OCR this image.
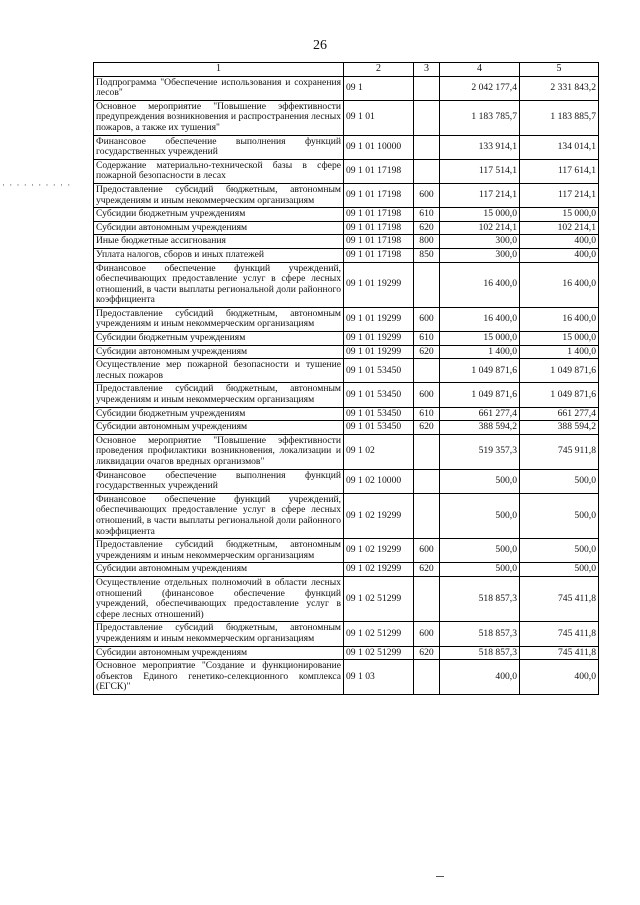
26
· · · · · · · · · ·
1	2	3	4	5
Подпрограмма "Обеспечение использования и сохранения лесов"	09 1		2 042 177,4	2 331 843,2
Основное мероприятие "Повышение эффективности предупреждения возникновения и распространения лесных пожаров, а также их тушения"	09 1 01		1 183 785,7	1 183 885,7
Финансовое обеспечение выполнения функций государственных учреждений	09 1 01 10000		133 914,1	134 014,1
Содержание материально-технической базы в сфере пожарной безопасности в лесах	09 1 01 17198		117 514,1	117 614,1
Предоставление субсидий бюджетным, автономным учреждениям и иным некоммерческим организациям	09 1 01 17198	600	117 214,1	117 214,1
Субсидии бюджетным учреждениям	09 1 01 17198	610	15 000,0	15 000,0
Субсидии автономным учреждениям	09 1 01 17198	620	102 214,1	102 214,1
Иные бюджетные ассигнования	09 1 01 17198	800	300,0	400,0
Уплата налогов, сборов и иных платежей	09 1 01 17198	850	300,0	400,0
Финансовое обеспечение функций учреждений, обеспечивающих предоставление услуг в сфере лесных отношений, в части выплаты региональной доли районного коэффициента	09 1 01 19299		16 400,0	16 400,0
Предоставление субсидий бюджетным, автономным учреждениям и иным некоммерческим организациям	09 1 01 19299	600	16 400,0	16 400,0
Субсидии бюджетным учреждениям	09 1 01 19299	610	15 000,0	15 000,0
Субсидии автономным учреждениям	09 1 01 19299	620	1 400,0	1 400,0
Осуществление мер пожарной безопасности и тушение лесных пожаров	09 1 01 53450		1 049 871,6	1 049 871,6
Предоставление субсидий бюджетным, автономным учреждениям и иным некоммерческим организациям	09 1 01 53450	600	1 049 871,6	1 049 871,6
Субсидии бюджетным учреждениям	09 1 01 53450	610	661 277,4	661 277,4
Субсидии автономным учреждениям	09 1 01 53450	620	388 594,2	388 594,2
Основное мероприятие "Повышение эффективности проведения профилактики возникновения, локализации и ликвидации очагов вредных организмов"	09 1 02		519 357,3	745 911,8
Финансовое обеспечение выполнения функций государственных учреждений	09 1 02 10000		500,0	500,0
Финансовое обеспечение функций учреждений, обеспечивающих предоставление услуг в сфере лесных отношений, в части выплаты региональной доли районного коэффициента	09 1 02 19299		500,0	500,0
Предоставление субсидий бюджетным, автономным учреждениям и иным некоммерческим организациям	09 1 02 19299	600	500,0	500,0
Субсидии автономным учреждениям	09 1 02 19299	620	500,0	500,0
Осуществление отдельных полномочий в области лесных отношений (финансовое обеспечение функций учреждений, обеспечивающих предоставление услуг в сфере лесных отношений)	09 1 02 51299		518 857,3	745 411,8
Предоставление субсидий бюджетным, автономным учреждениям и иным некоммерческим организациям	09 1 02 51299	600	518 857,3	745 411,8
Субсидии автономным учреждениям	09 1 02 51299	620	518 857,3	745 411,8
Основное мероприятие "Создание и функционирование объектов Единого генетико-селекционного комплекса (ЕГСК)"	09 1 03		400,0	400,0
